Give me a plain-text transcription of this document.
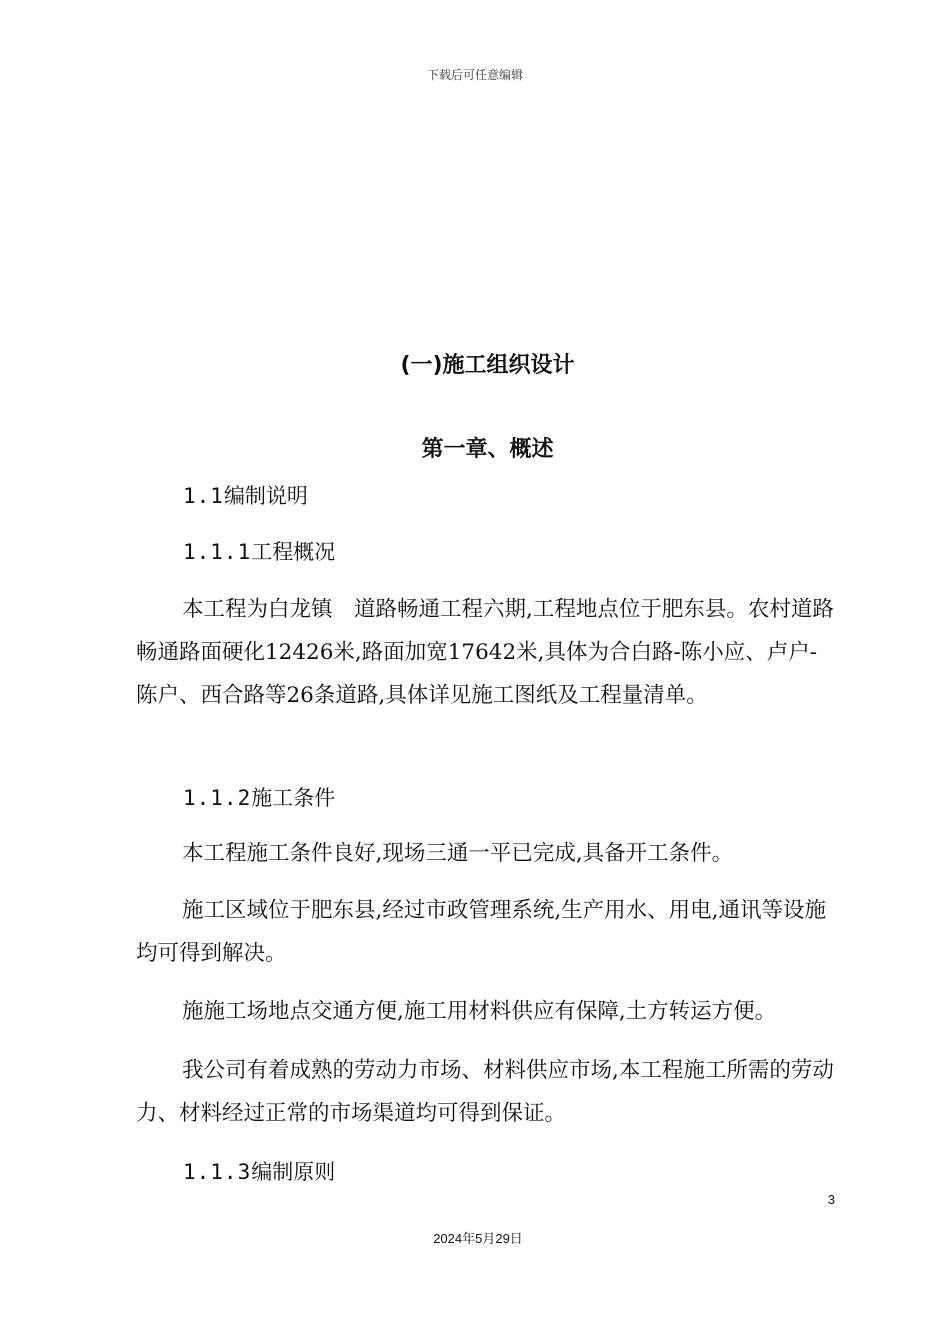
下载后可任意编辑
(一)施工组织设计
第一章、概述
1.1编制说明
1.1.1工程概况
本工程为白龙镇　道路畅通工程六期,工程地点位于肥东县。农村道路畅通路面硬化12426米,路面加宽17642米,具体为合白路-陈小应、卢户-陈户、西合路等26条道路,具体详见施工图纸及工程量清单。
1.1.2施工条件
本工程施工条件良好,现场三通一平已完成,具备开工条件。
施工区域位于肥东县,经过市政管理系统,生产用水、用电,通讯等设施均可得到解决。
施施工场地点交通方便,施工用材料供应有保障,土方转运方便。
我公司有着成熟的劳动力市场、材料供应市场,本工程施工所需的劳动力、材料经过正常的市场渠道均可得到保证。
1.1.3编制原则
3
2024年5月29日
